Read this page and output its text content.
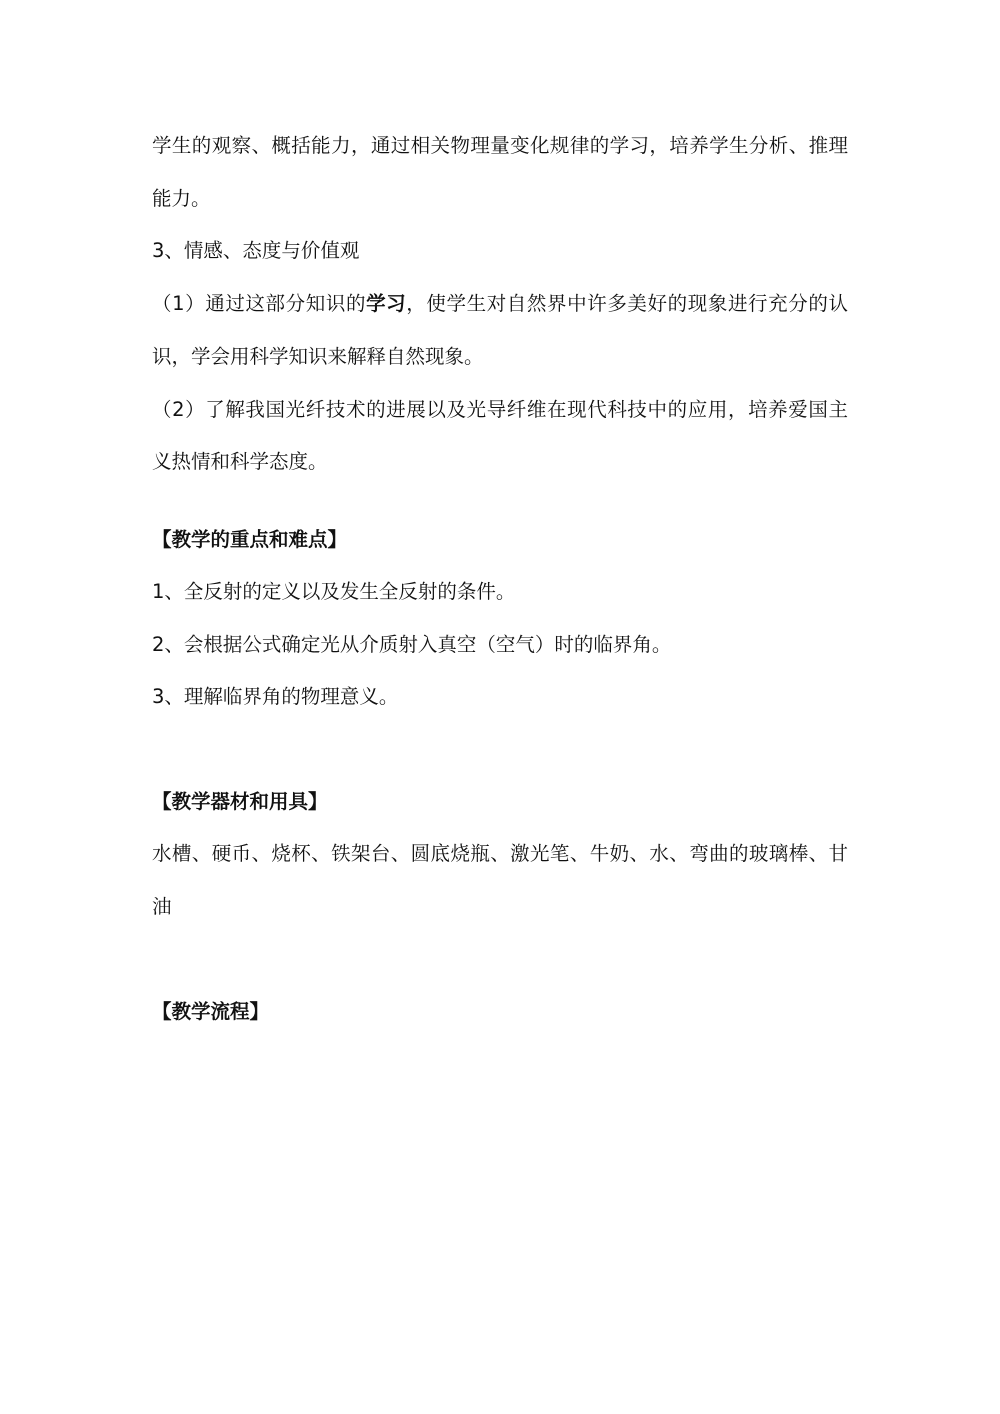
学生的观察、概括能力，通过相关物理量变化规律的学习，培养学生分析、推理
能力。
3、情感、态度与价值观
（1）通过这部分知识的学习，使学生对自然界中许多美好的现象进行充分的认
识，学会用科学知识来解释自然现象。
（2）了解我国光纤技术的进展以及光导纤维在现代科技中的应用，培养爱国主
义热情和科学态度。
【教学的重点和难点】
1、全反射的定义以及发生全反射的条件。
2、会根据公式确定光从介质射入真空（空气）时的临界角。
3、理解临界角的物理意义。
【教学器材和用具】
水槽、硬币、烧杯、铁架台、圆底烧瓶、激光笔、牛奶、水、弯曲的玻璃棒、甘
油
【教学流程】
